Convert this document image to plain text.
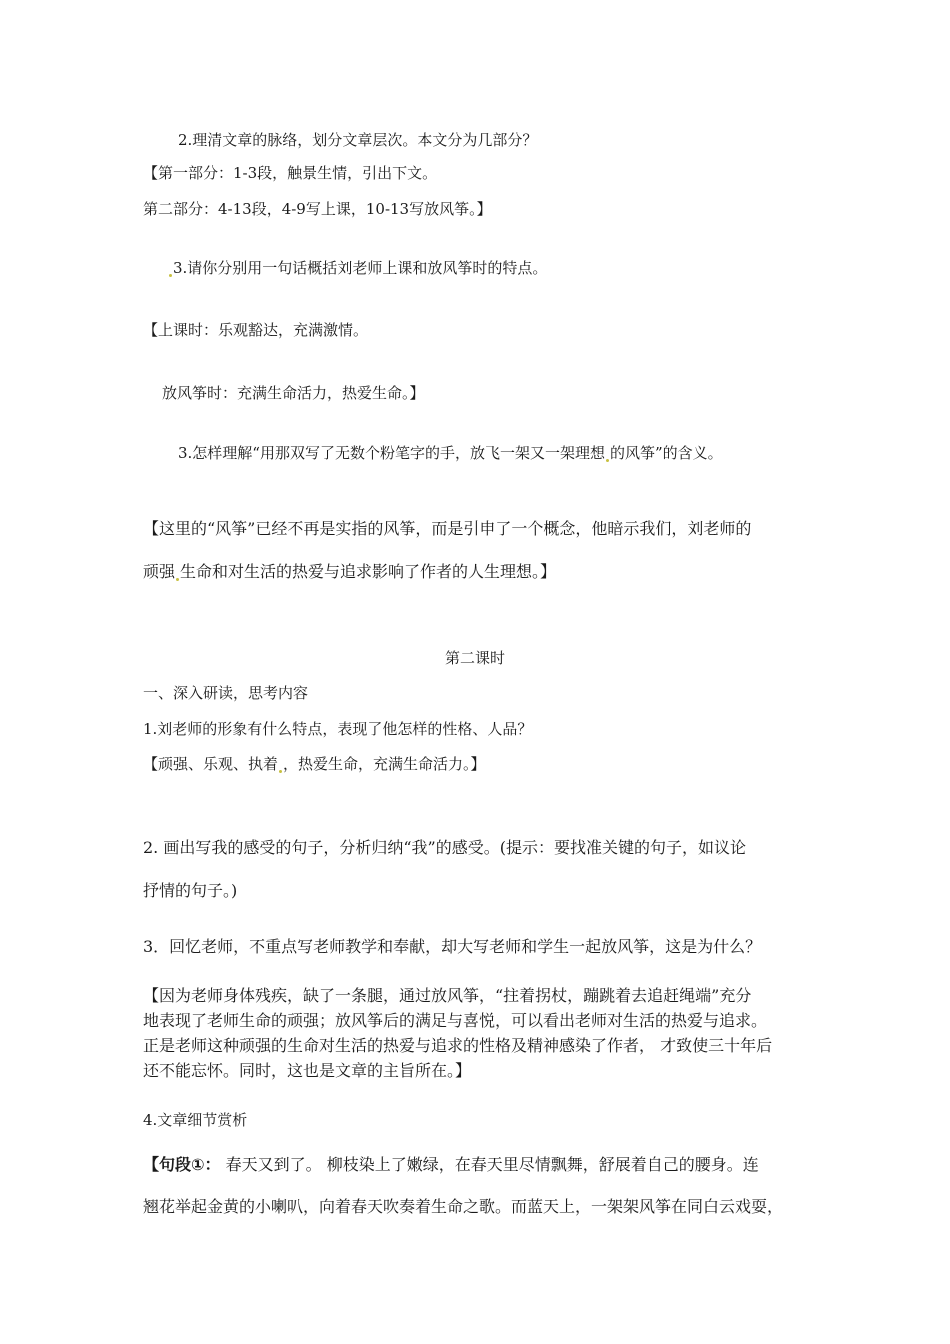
2.理清文章的脉络，划分文章层次。本文分为几部分？
【第一部分：1-3段，触景生情，引出下文。
第二部分：4-13段，4-9写上课，10-13写放风筝。】
3.请你分别用一句话概括刘老师上课和放风筝时的特点。
【上课时：乐观豁达，充满激情。
放风筝时：充满生命活力，热爱生命。】
3.怎样理解“用那双写了无数个粉笔字的手，放飞一架又一架理想 的风筝”的含义。
【这里的“风筝”已经不再是实指的风筝，而是引申了一个概念，他暗示我们，刘老师的
顽强 生命和对生活的热爱与追求影响了作者的人生理想。】
第二课时
一、深入研读，思考内容
1.刘老师的形象有什么特点，表现了他怎样的性格、人品？
【顽强、乐观、执着 ，热爱生命，充满生命活力。】
2. 画出写我的感受的句子，分析归纳“我”的感受。(提示：要找准关键的句子，如议论
抒情的句子。)
3．回忆老师，不重点写老师教学和奉献，却大写老师和学生一起放风筝，这是为什么？
【因为老师身体残疾，缺了一条腿，通过放风筝，“拄着拐杖，蹦跳着去追赶绳端”充分
地表现了老师生命的顽强；放风筝后的满足与喜悦，可以看出老师对生活的热爱与追求。
正是老师这种顽强的生命对生活的热爱与追求的性格及精神感染了作者， 才致使三十年后
还不能忘怀。同时，这也是文章的主旨所在。】
4.文章细节赏析
【句段①： 春天又到了。 柳枝染上了嫩绿，在春天里尽情飘舞，舒展着自己的腰身。连
翘花举起金黄的小喇叭，向着春天吹奏着生命之歌。而蓝天上，一架架风筝在同白云戏耍，
